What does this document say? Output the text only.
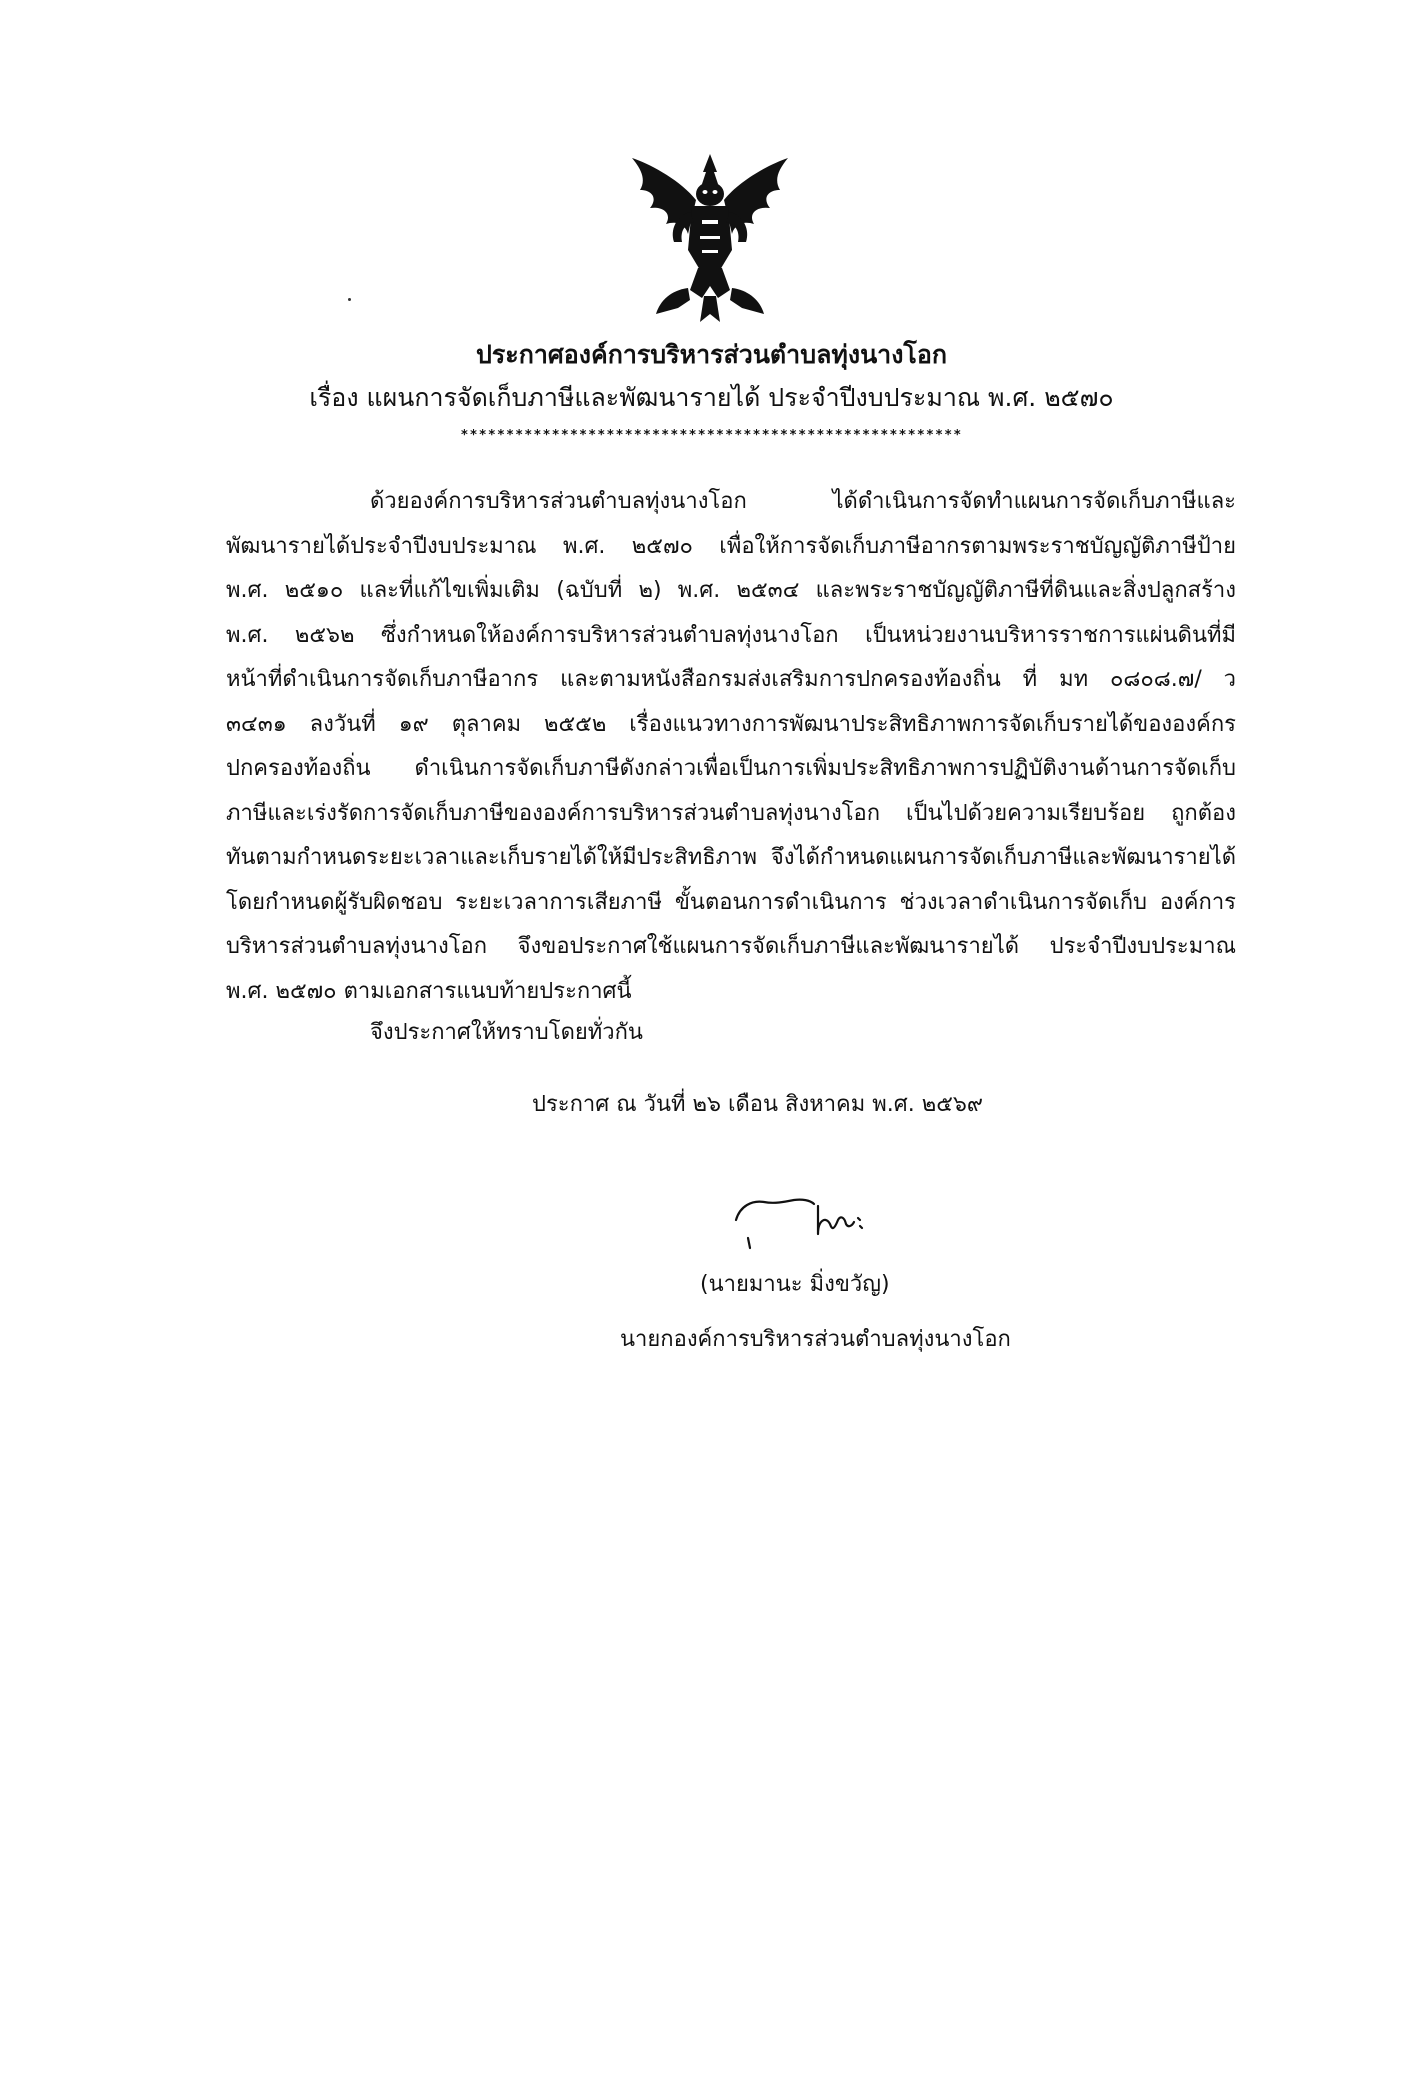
ประกาศองค์การบริหารส่วนตำบลทุ่งนางโอก
เรื่อง แผนการจัดเก็บภาษีและพัฒนารายได้ ประจำปีงบประมาณ พ.ศ. ๒๕๗๐
*******************************************************
ด้วยองค์การบริหารส่วนตำบลทุ่งนางโอก ได้ดำเนินการจัดทำแผนการจัดเก็บภาษีและ
พัฒนารายได้ประจำปีงบประมาณ พ.ศ. ๒๕๗๐ เพื่อให้การจัดเก็บภาษีอากรตามพระราชบัญญัติภาษีป้าย
พ.ศ. ๒๕๑๐ และที่แก้ไขเพิ่มเติม (ฉบับที่ ๒) พ.ศ. ๒๕๓๔ และพระราชบัญญัติภาษีที่ดินและสิ่งปลูกสร้าง
พ.ศ. ๒๕๖๒ ซึ่งกำหนดให้องค์การบริหารส่วนตำบลทุ่งนางโอก เป็นหน่วยงานบริหารราชการแผ่นดินที่มี
หน้าที่ดำเนินการจัดเก็บภาษีอากร และตามหนังสือกรมส่งเสริมการปกครองท้องถิ่น ที่ มท ๐๘๐๘.๗/ ว
๓๔๓๑ ลงวันที่ ๑๙ ตุลาคม ๒๕๕๒ เรื่องแนวทางการพัฒนาประสิทธิภาพการจัดเก็บรายได้ขององค์กร
ปกครองท้องถิ่น ดำเนินการจัดเก็บภาษีดังกล่าวเพื่อเป็นการเพิ่มประสิทธิภาพการปฏิบัติงานด้านการจัดเก็บ
ภาษีและเร่งรัดการจัดเก็บภาษีขององค์การบริหารส่วนตำบลทุ่งนางโอก เป็นไปด้วยความเรียบร้อย ถูกต้อง
ทันตามกำหนดระยะเวลาและเก็บรายได้ให้มีประสิทธิภาพ จึงได้กำหนดแผนการจัดเก็บภาษีและพัฒนารายได้
โดยกำหนดผู้รับผิดชอบ ระยะเวลาการเสียภาษี ขั้นตอนการดำเนินการ ช่วงเวลาดำเนินการจัดเก็บ องค์การ
บริหารส่วนตำบลทุ่งนางโอก จึงขอประกาศใช้แผนการจัดเก็บภาษีและพัฒนารายได้ ประจำปีงบประมาณ
พ.ศ. ๒๕๗๐ ตามเอกสารแนบท้ายประกาศนี้
จึงประกาศให้ทราบโดยทั่วกัน
ประกาศ ณ วันที่ ๒๖ เดือน สิงหาคม พ.ศ. ๒๕๖๙
(นายมานะ มิ่งขวัญ)
นายกองค์การบริหารส่วนตำบลทุ่งนางโอก
